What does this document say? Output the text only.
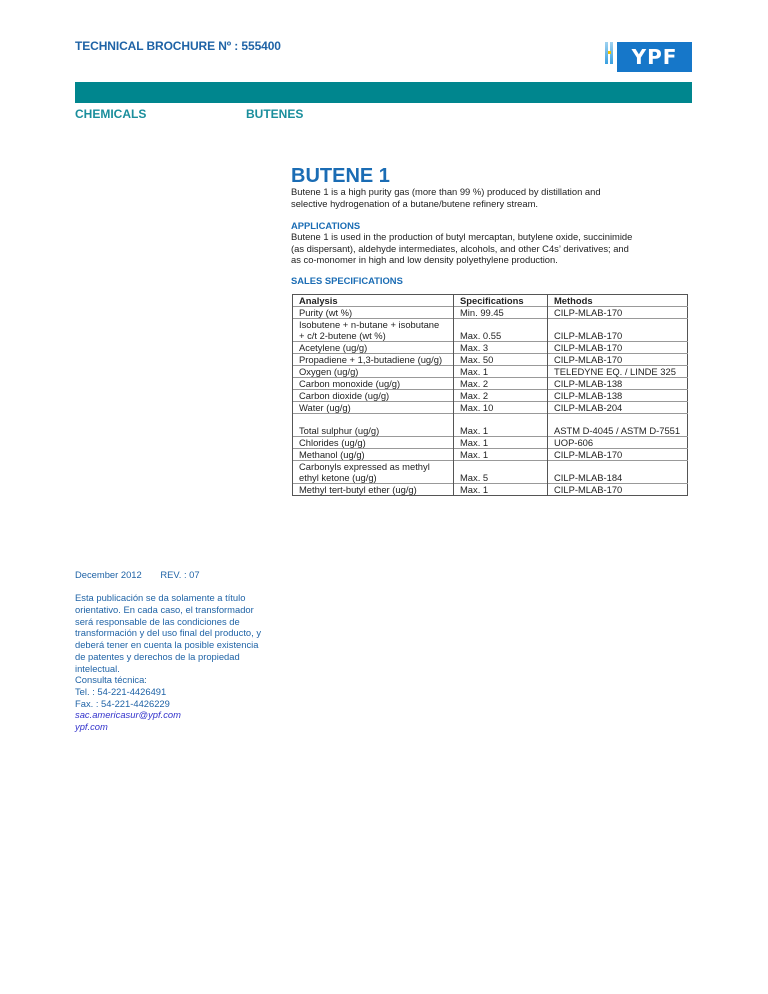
TECHNICAL BROCHURE Nº : 555400	YPF
CHEMICALS	BUTENES
BUTENE 1
Butene 1 is a high purity gas (more than 99 %) produced by distillation and
selective hydrogenation of a butane/butene refinery stream.
APPLICATIONS
Butene 1 is used in the production of butyl mercaptan, butylene oxide, succinimide
(as dispersant), aldehyde intermediates, alcohols, and other C4s’ derivatives; and
as co-monomer in high and low density polyethylene production.
SALES SPECIFICATIONS
Analysis	Specifications	Methods
Purity (wt %)	Min. 99.45	CILP-MLAB-170
Isobutene + n-butane + isobutane + c/t 2-butene (wt %)	Max. 0.55	CILP-MLAB-170
Acetylene (ug/g)	Max. 3	CILP-MLAB-170
Propadiene + 1,3-butadiene (ug/g)	Max. 50	CILP-MLAB-170
Oxygen (ug/g)	Max. 1	TELEDYNE EQ. / LINDE 325
Carbon monoxide (ug/g)	Max. 2	CILP-MLAB-138
Carbon dioxide (ug/g)	Max. 2	CILP-MLAB-138
Water (ug/g)	Max. 10	CILP-MLAB-204
Total sulphur (ug/g)	Max. 1	ASTM D-4045 / ASTM D-7551
Chlorides (ug/g)	Max. 1	UOP-606
Methanol (ug/g)	Max. 1	CILP-MLAB-170
Carbonyls expressed as methyl ethyl ketone (ug/g)	Max. 5	CILP-MLAB-184
Methyl tert-butyl ether (ug/g)	Max. 1	CILP-MLAB-170
December 2012 REV. : 07
Esta publicación se da solamente a título
orientativo. En cada caso, el transformador
será responsable de las condiciones de
transformación y del uso final del producto, y
deberá tener en cuenta la posible existencia
de patentes y derechos de la propiedad
intelectual.
Consulta técnica:
Tel. : 54-221-4426491
Fax. : 54-221-4426229
sac.americasur@ypf.com
ypf.com
